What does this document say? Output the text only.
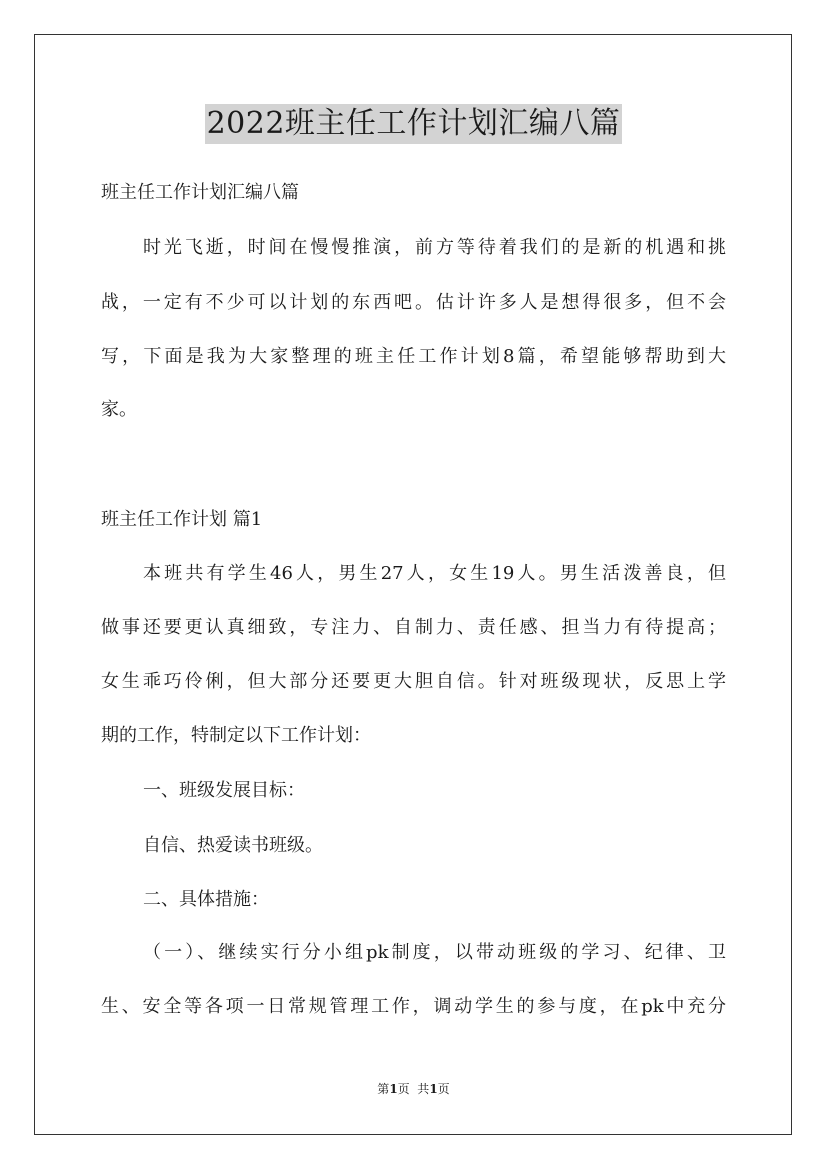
2022班主任工作计划汇编八篇
班主任工作计划汇编八篇
时光飞逝，时间在慢慢推演，前方等待着我们的是新的机遇和挑
战，一定有不少可以计划的东西吧。估计许多人是想得很多，但不会
写，下面是我为大家整理的班主任工作计划8篇，希望能够帮助到大
家。
班主任工作计划 篇1
本班共有学生46人，男生27人，女生19人。男生活泼善良，但
做事还要更认真细致，专注力、自制力、责任感、担当力有待提高；
女生乖巧伶俐，但大部分还要更大胆自信。针对班级现状，反思上学
期的工作，特制定以下工作计划：
一、班级发展目标：
自信、热爱读书班级。
二、具体措施：
（一）、继续实行分小组pk制度，以带动班级的学习、纪律、卫
生、安全等各项一日常规管理工作，调动学生的参与度，在pk中充分
第1页  共1页
